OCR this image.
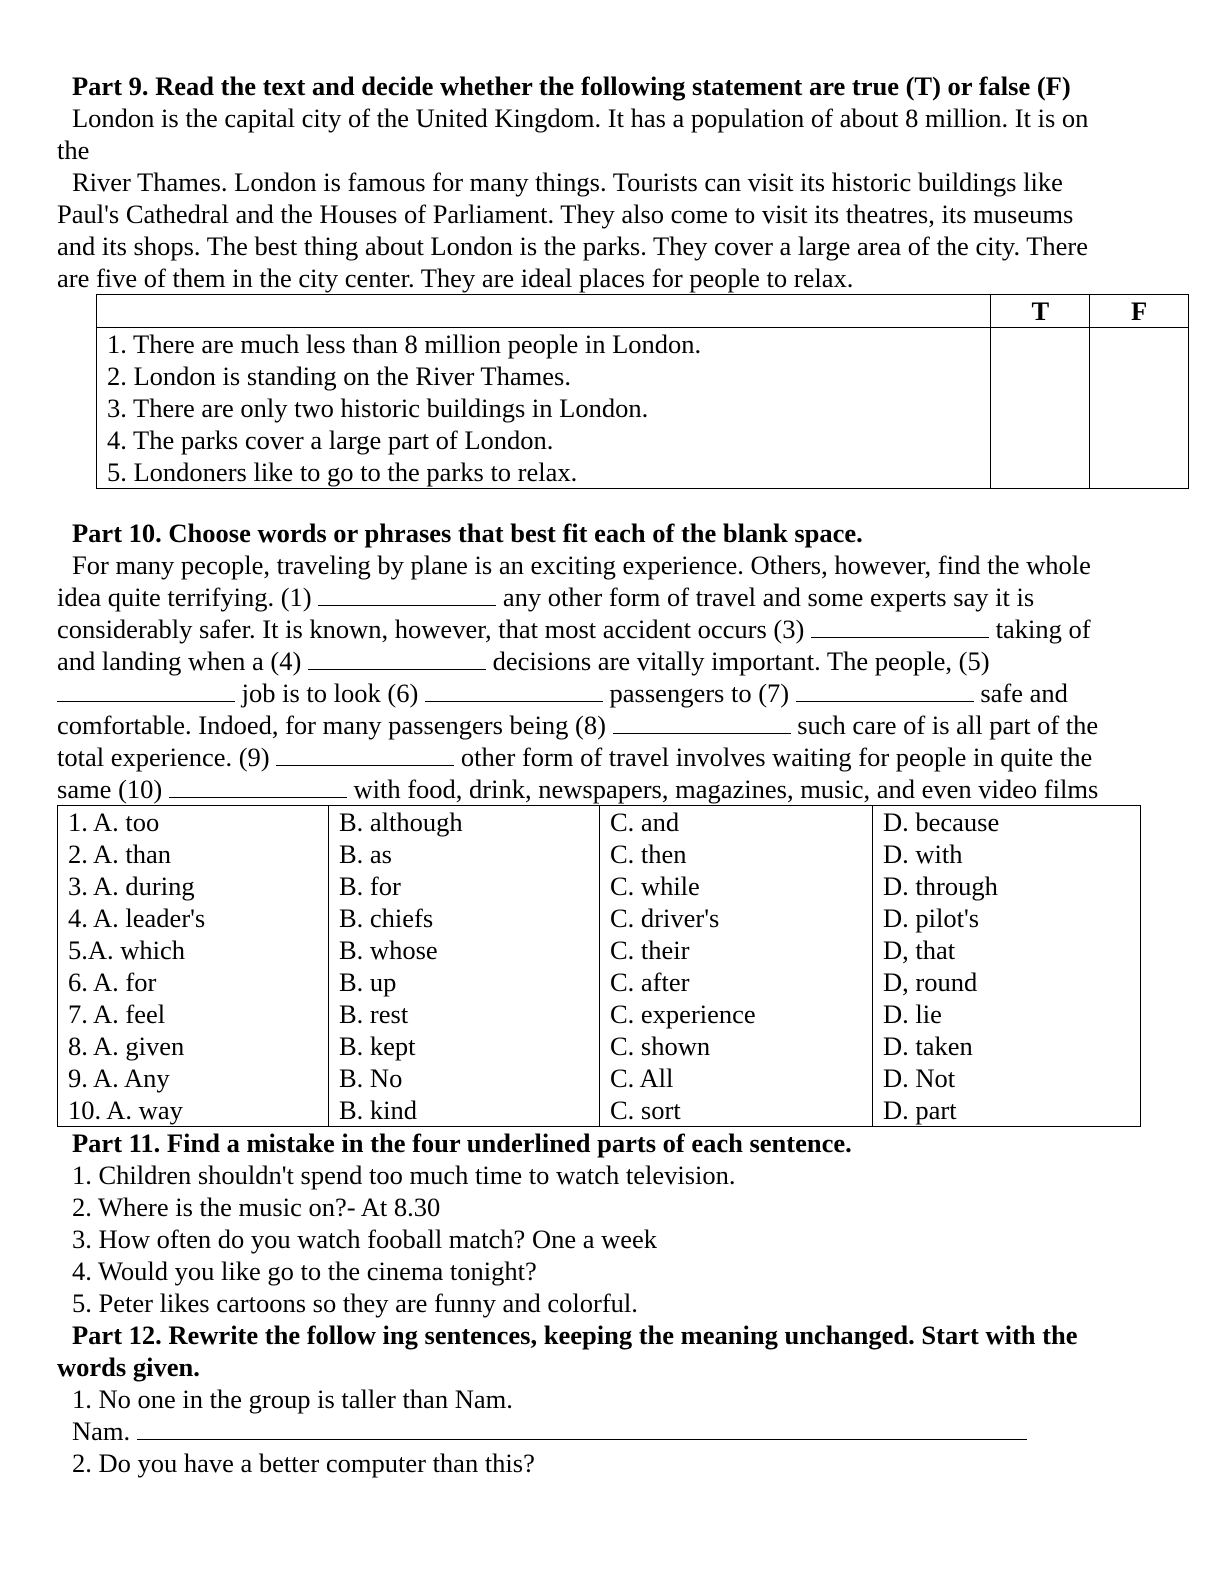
Part 9. Read the text and decide whether the following statement are true (T) or false (F)
London is the capital city of the United Kingdom. It has a population of about 8 million. It is on
the
River Thames. London is famous for many things. Tourists can visit its historic buildings like
Paul's Cathedral and the Houses of Parliament. They also come to visit its theatres, its museums
and its shops. The best thing about London is the parks. They cover a large area of the city. There
are five of them in the city center. They are ideal places for people to relax.
	T	F

1. There are much less than 8 million people in London.
2. London is standing on the River Thames.
3. There are only two historic buildings in London.
4. The parks cover a large part of London.
5. Londoners like to go to the parks to relax.		

Part 10. Choose words or phrases that best fit each of the blank space.
For many pecople, traveling by plane is an exciting experience. Others, however, find the whole
idea quite terrifying. (1)	any other form of travel and some experts say it is
considerably safer. It is known, however, that most accident occurs (3)	taking of
and landing when a (4)	decisions are vitally important. The people, (5)
job is to look (6)	passengers to (7)	safe and
comfortable. Indoed, for many passengers being (8)	such care of is all part of the
total experience. (9)	other form of travel involves waiting for people in quite the
same (10)	with food, drink, newspapers, magazines, music, and even video films
1. A. too	B. although	C. and	D. because
2. A. than	B. as	C. then	D. with
3. A. during	B. for	C. while	D. through
4. A. leader's	B. chiefs	C. driver's	D. pilot's
5.A. which	B. whose	C. their	D, that
6. A. for	B. up	C. after	D, round
7. A. feel	B. rest	C. experience	D. lie
8. A. given	B. kept	C. shown	D. taken
9. A. Any	B. No	C. All	D. Not
10. A. way	B. kind	C. sort	D. part
Part 11. Find a mistake in the four underlined parts of each sentence.
1. Children shouldn't spend too much time to watch television.
2. Where is the music on?- At 8.30
3. How often do you watch fooball match? One a week
4. Would you like go to the cinema tonight?
5. Peter likes cartoons so they are funny and colorful.
Part 12. Rewrite the follow ing sentences, keeping the meaning unchanged. Start with the
words given.
1. No one in the group is taller than Nam.
Nam.
2. Do you have a better computer than this?
